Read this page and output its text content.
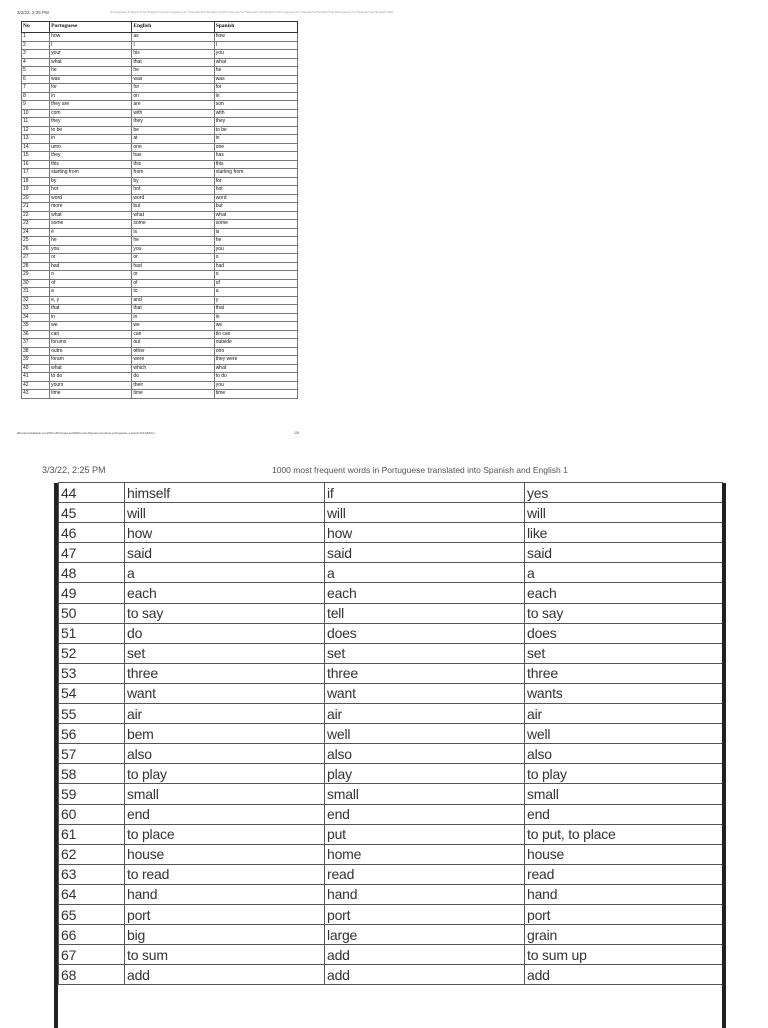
3/3/22, 2:25 PM	[Portuguese^1^Spanish^for^English^how] [Portuguese^for^Spanish^and^English^as] [Portuguese^for^Spanish^and^English^I] [Portuguese^for^Spanish^for^English^his] [Portuguese^for^Spanish^that^English^that]
No	Portuguese	English	Spanish
1	how	as	how
2	I	I	I
3	your	his	you
4	what	that	what
5	he	he	he
6	was	was	was
7	for	for	for
8	in	on	in
9	they are	are	son
10	com	with	with
11	they	they	they
12	to be	be	to be
13	in	at	in
14	umo	one	one
15	they	has	has
16	this	this	this
17	starting from	from	starting from
18	by	by	for
19	hot	hot	hot
20	word	word	word
21	more	but	but
22	what	what	what
23	some	some	some
24	é	is	is
25	he	he	he
26	you	you	you
27	or	or	o
28	had	had	had
29	o	or	o
30	of	of	of
31	a	to	a
32	e, y	and	y
33	that	that	that
34	in	in	in
35	we	we	we
36	can	can	tin can
37	forums	out	outside
38	outro	other	otro
39	foram	were	they were
40	what	which	what
41	to do	do	to do
42	yours	their	you
43	time	time	time
dbonas.instabasic.com/Ohno/Portuguese/1000-most-frequent-words-in-portuguese-1.aspx0-%A1(MLIL)	1/5
3/3/22, 2:25 PM	1000 most frequent words in Portuguese translated into Spanish and English 1
44	himself	if	yes
45	will	will	will
46	how	how	like
47	said	said	said
48	a	a	a
49	each	each	each
50	to say	tell	to say
51	do	does	does
52	set	set	set
53	three	three	three
54	want	want	wants
55	air	air	air
56	bem	well	well
57	also	also	also
58	to play	play	to play
59	small	small	small
60	end	end	end
61	to place	put	to put, to place
62	house	home	house
63	to read	read	read
64	hand	hand	hand
65	port	port	port
66	big	large	grain
67	to sum	add	to sum up
68	add	add	add
